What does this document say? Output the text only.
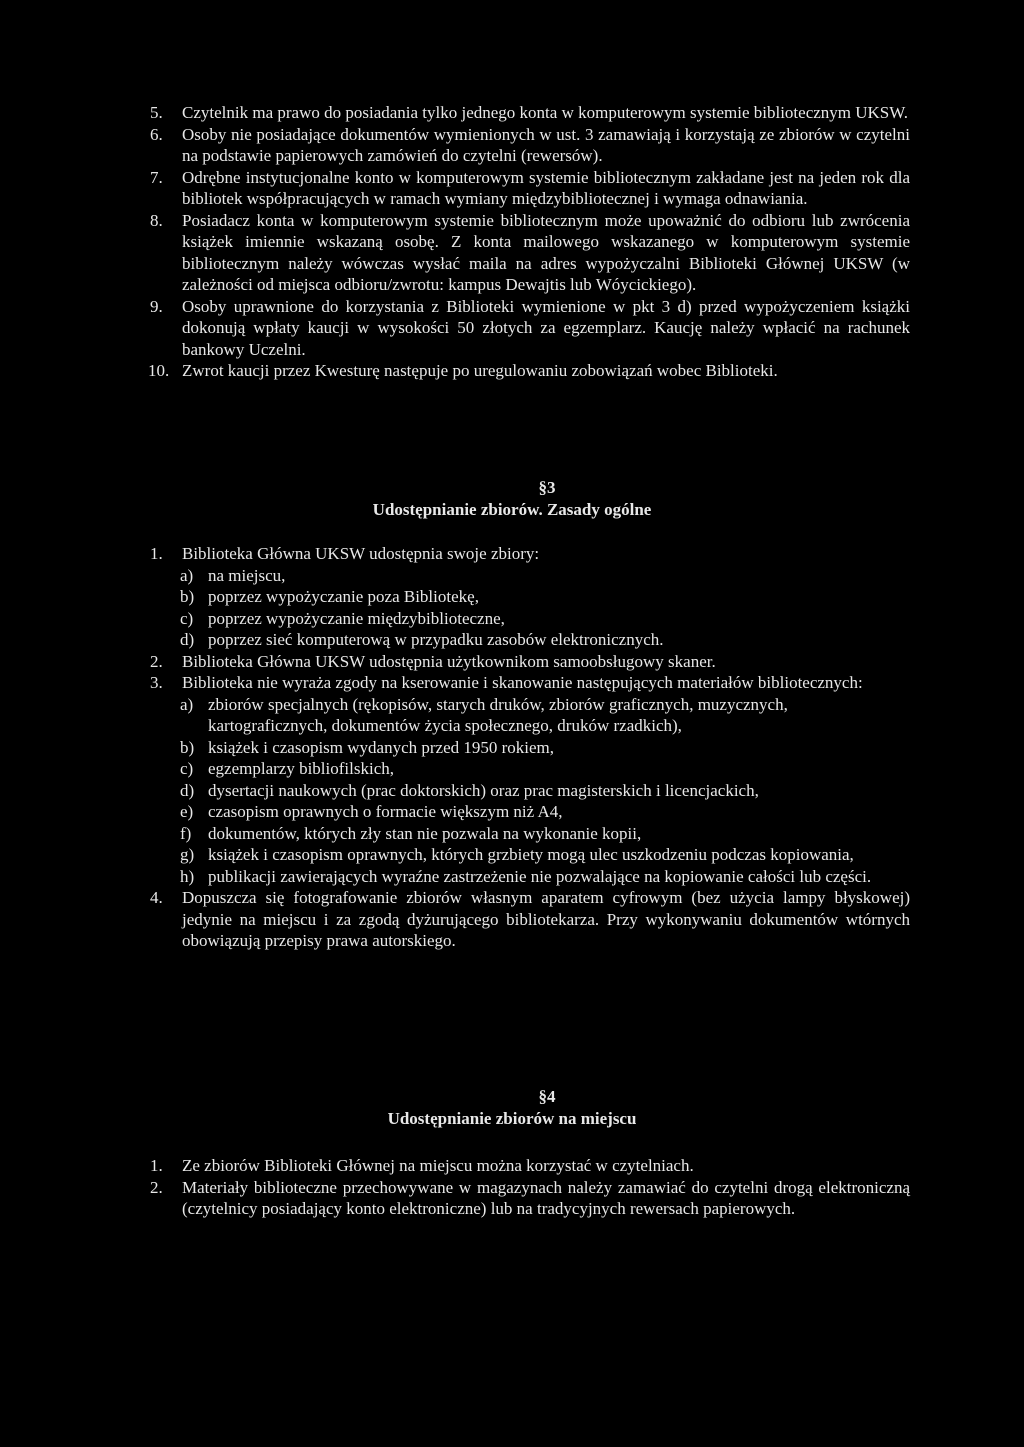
5. Czytelnik ma prawo do posiadania tylko jednego konta w komputerowym systemie bibliotecznym UKSW.

6. Osoby nie posiadające dokumentów wymienionych w ust. 3 zamawiają i korzystają ze zbiorów w czytelni na podstawie papierowych zamówień do czytelni (rewersów).

7. Odrębne instytucjonalne konto w komputerowym systemie bibliotecznym zakładane jest na jeden rok dla bibliotek współpracujących w ramach wymiany międzybibliotecznej i wymaga odnawiania.

8. Posiadacz konta w komputerowym systemie bibliotecznym może upoważnić do odbioru lub zwrócenia książek imiennie wskazaną osobę. Z konta mailowego wskazanego w komputerowym systemie bibliotecznym należy wówczas wysłać maila na adres wypożyczalni Biblioteki Głównej UKSW (w zależności od miejsca odbioru/zwrotu: kampus Dewajtis lub Wóycickiego).

9. Osoby uprawnione do korzystania z Biblioteki wymienione w pkt 3 d) przed wypożyczeniem książki dokonują wpłaty kaucji w wysokości 50 złotych za egzemplarz. Kaucję należy wpłacić na rachunek bankowy Uczelni.

10. Zwrot kaucji przez Kwesturę następuje po uregulowaniu zobowiązań wobec Biblioteki.

§3
Udostępnianie zbiorów. Zasady ogólne

1. Biblioteka Główna UKSW udostępnia swoje zbiory:

a) na miejscu,

b) poprzez wypożyczanie poza Bibliotekę,

c) poprzez wypożyczanie międzybiblioteczne,

d) poprzez sieć komputerową w przypadku zasobów elektronicznych.

2. Biblioteka Główna UKSW udostępnia użytkownikom samoobsługowy skaner.

3. Biblioteka nie wyraża zgody na kserowanie i skanowanie następujących materiałów bibliotecznych:

a) zbiorów specjalnych (rękopisów, starych druków, zbiorów graficznych, muzycznych, kartograficznych, dokumentów życia społecznego, druków rzadkich),

b) książek i czasopism wydanych przed 1950 rokiem,

c) egzemplarzy bibliofilskich,

d) dysertacji naukowych (prac doktorskich) oraz prac magisterskich i licencjackich,

e) czasopism oprawnych o formacie większym niż A4,

f) dokumentów, których zły stan nie pozwala na wykonanie kopii,

g) książek i czasopism oprawnych, których grzbiety mogą ulec uszkodzeniu podczas kopiowania,

h) publikacji zawierających wyraźne zastrzeżenie nie pozwalające na kopiowanie całości lub części.

4. Dopuszcza się fotografowanie zbiorów własnym aparatem cyfrowym (bez użycia lampy błyskowej) jedynie na miejscu i za zgodą dyżurującego bibliotekarza. Przy wykonywaniu dokumentów wtórnych obowiązują przepisy prawa autorskiego.

§4
Udostępnianie zbiorów na miejscu

1. Ze zbiorów Biblioteki Głównej na miejscu można korzystać w czytelniach.

2. Materiały biblioteczne przechowywane w magazynach należy zamawiać do czytelni drogą elektroniczną (czytelnicy posiadający konto elektroniczne) lub na tradycyjnych rewersach papierowych.
